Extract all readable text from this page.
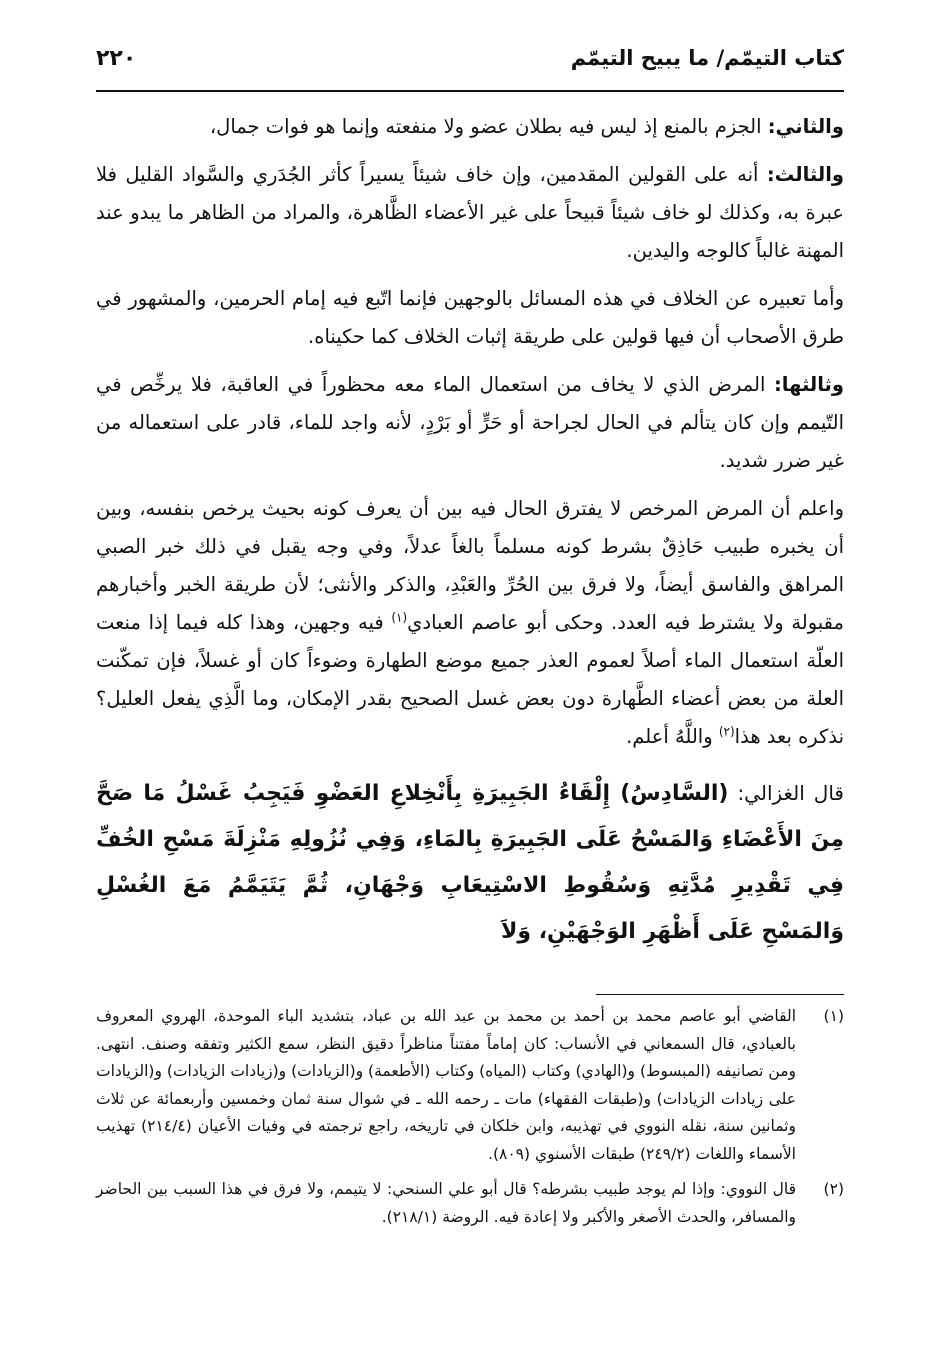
كتاب التيمّم/ ما يبيح التيمّم
٢٢٠

والثاني: الجزم بالمنع إذ ليس فيه بطلان عضو ولا منفعته وإنما هو فوات جمال،

والثالث: أنه على القولين المقدمين، وإن خاف شيئاً يسيراً كأثر الجُدَري والسَّواد القليل فلا عبرة به، وكذلك لو خاف شيئاً قبيحاً على غير الأعضاء الظَّاهرة، والمراد من الظاهر ما يبدو عند المهنة غالباً كالوجه واليدين.

وأما تعبيره عن الخلاف في هذه المسائل بالوجهين فإنما اتّبع فيه إمام الحرمين، والمشهور في طرق الأصحاب أن فيها قولين على طريقة إثبات الخلاف كما حكيناه.

وثالثها: المرض الذي لا يخاف من استعمال الماء معه محظوراً في العاقبة، فلا يرخِّص في التّيمم وإن كان يتألم في الحال لجراحة أو حَرٍّ أو بَرْدٍ، لأنه واجد للماء، قادر على استعماله من غير ضرر شديد.

واعلم أن المرض المرخص لا يفترق الحال فيه بين أن يعرف كونه بحيث يرخص بنفسه، وبين أن يخبره طبيب حَاذِقٌ بشرط كونه مسلماً بالغاً عدلاً، وفي وجه يقبل في ذلك خبر الصبي المراهق والفاسق أيضاً، ولا فرق بين الحُرِّ والعَبْدِ، والذكر والأنثى؛ لأن طريقة الخبر وأخبارهم مقبولة ولا يشترط فيه العدد. وحكى أبو عاصم العبادي$^{(١)}$ فيه وجهين، وهذا كله فيما إذا منعت العلّة استعمال الماء أصلاً لعموم العذر جميع موضع الطهارة وضوءاً كان أو غسلاً، فإن تمكّنت العلة من بعض أعضاء الطَّهارة دون بعض غسل الصحيح بقدر الإمكان، وما الَّذِي يفعل العليل؟ نذكره بعد هذا$^{(٢)}$ واللَّهُ أعلم.

قال الغزالي: (السَّادِسُ) إِلْقَاءُ الجَبِيرَةِ بِأَنْخِلاعِ العَضْوِ فَيَجِبُ غَسْلُ مَا صَحَّ مِنَ الأَعْضَاءِ وَالمَسْحُ عَلَى الجَبِيرَةِ بِالمَاءِ، وَفِي نُزُولِهِ مَنْزِلَةَ مَسْحِ الخُفِّ فِي تَقْدِيرِ مُدَّتِهِ وَسُقُوطِ الاسْتِيعَابِ وَجْهَانِ، ثُمَّ يَتَيَمَّمُ مَعَ الغُسْلِ وَالمَسْحِ عَلَى أَظْهَرِ الوَجْهَيْنِ، وَلاَ

(١)
القاضي أبو عاصم محمد بن أحمد بن محمد بن عبد الله بن عباد، بتشديد الباء الموحدة، الهروي المعروف بالعبادي، قال السمعاني في الأنساب: كان إماماً مفتناً مناظراً دقيق النظر، سمع الكثير وتفقه وصنف. انتهى. ومن تصانيفه (المبسوط) و(الهادي) وكتاب (المياه) وكتاب (الأطعمة) و(الزيادات) و(زيادات الزيادات) و(الزيادات على زيادات الزيادات) و(طبقات الفقهاء) مات ـ رحمه الله ـ في شوال سنة ثمان وخمسين وأربعمائة عن ثلاث وثمانين سنة، نقله النووي في تهذيبه، وابن خلكان في تاريخه، راجع ترجمته في وفيات الأعيان (٢١٤/٤) تهذيب الأسماء واللغات (٢٤٩/٢) طبقات الأسنوي (٨٠٩).
(٢)
قال النووي: وإذا لم يوجد طبيب بشرطه؟ قال أبو علي السنحي: لا يتيمم، ولا فرق في هذا السبب بين الحاضر والمسافر، والحدث الأصغر والأكبر ولا إعادة فيه. الروضة (٢١٨/١).
